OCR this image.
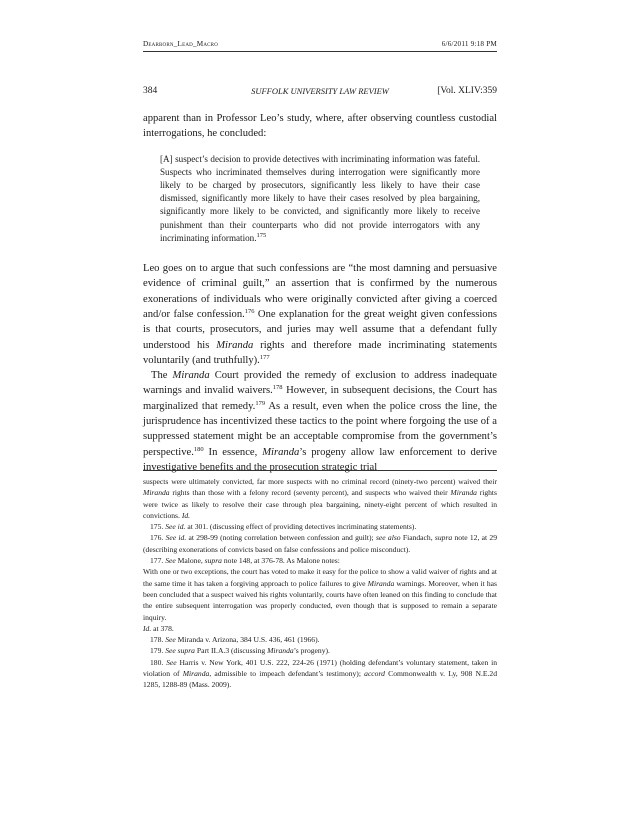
Dearborn_Lead_Macro	6/6/2011 9:18 PM
384	SUFFOLK UNIVERSITY LAW REVIEW	[Vol. XLIV:359

apparent than in Professor Leo’s study, where, after observing countless custodial interrogations, he concluded:

[A] suspect’s decision to provide detectives with incriminating information was fateful. Suspects who incriminated themselves during interrogation were significantly more likely to be charged by prosecutors, significantly less likely to have their case dismissed, significantly more likely to have their cases resolved by plea bargaining, significantly more likely to be convicted, and significantly more likely to receive punishment than their counterparts who did not provide interrogators with any incriminating information.$^{175}$

Leo goes on to argue that such confessions are “the most damning and persuasive evidence of criminal guilt,” an assertion that is confirmed by the numerous exonerations of individuals who were originally convicted after giving a coerced and/or false confession.$^{176}$ One explanation for the great weight given confessions is that courts, prosecutors, and juries may well assume that a defendant fully understood his Miranda rights and therefore made incriminating statements voluntarily (and truthfully).$^{177}$

The Miranda Court provided the remedy of exclusion to address inadequate warnings and invalid waivers.$^{178}$ However, in subsequent decisions, the Court has marginalized that remedy.$^{179}$ As a result, even when the police cross the line, the jurisprudence has incentivized these tactics to the point where forgoing the use of a suppressed statement might be an acceptable compromise from the government’s perspective.$^{180}$ In essence, Miranda’s progeny allow law enforcement to derive investigative benefits and the prosecution strategic trial

suspects were ultimately convicted, far more suspects with no criminal record (ninety-two percent) waived their Miranda rights than those with a felony record (seventy percent), and suspects who waived their Miranda rights were twice as likely to resolve their case through plea bargaining, ninety-eight percent of which resulted in convictions. Id.

175. See id. at 301. (discussing effect of providing detectives incriminating statements).

176. See id. at 298-99 (noting correlation between confession and guilt); see also Fiandach, supra note 12, at 29 (describing exonerations of convicts based on false confessions and police misconduct).

177. See Malone, supra note 148, at 376-78. As Malone notes:

With one or two exceptions, the court has voted to make it easy for the police to show a valid waiver of rights and at the same time it has taken a forgiving approach to police failures to give Miranda warnings. Moreover, when it has been concluded that a suspect waived his rights voluntarily, courts have often leaned on this finding to conclude that the entire subsequent interrogation was properly conducted, even though that is supposed to remain a separate inquiry.

Id. at 378.

178. See Miranda v. Arizona, 384 U.S. 436, 461 (1966).

179. See supra Part II.A.3 (discussing Miranda’s progeny).

180. See Harris v. New York, 401 U.S. 222, 224-26 (1971) (holding defendant’s voluntary statement, taken in violation of Miranda, admissible to impeach defendant’s testimony); accord Commonwealth v. Ly, 908 N.E.2d 1285, 1288-89 (Mass. 2009).
